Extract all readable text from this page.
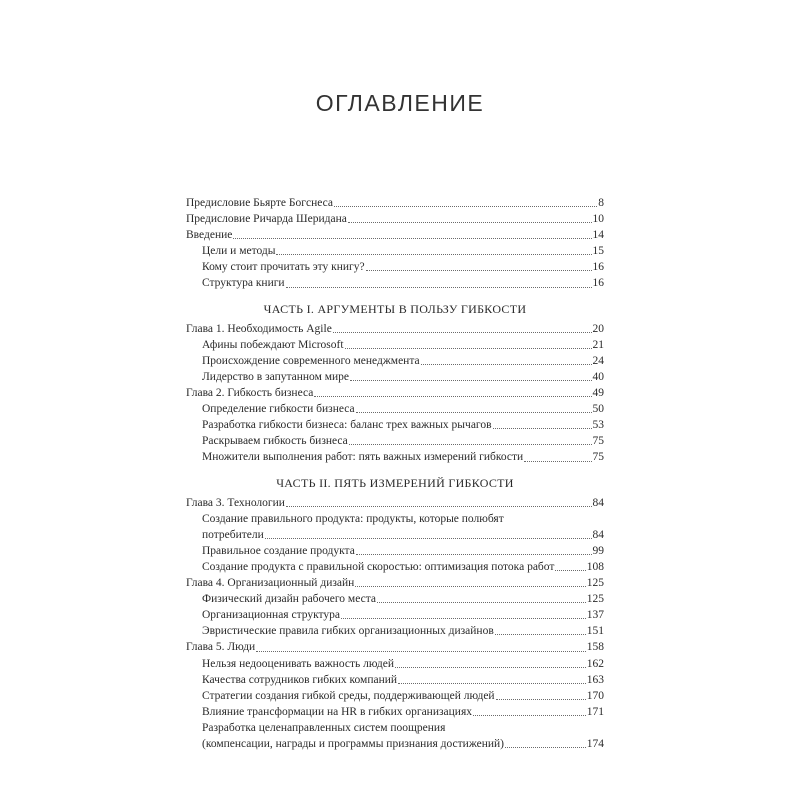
ОГЛАВЛЕНИЕ
Предисловие Бьярте Богснеса	8
Предисловие Ричарда Шеридана	10
Введение	14
Цели и методы	15
Кому стоит прочитать эту книгу?	16
Структура книги	16
ЧАСТЬ I. АРГУМЕНТЫ В ПОЛЬЗУ ГИБКОСТИ
Глава 1. Необходимость Agile	20
Афины побеждают Microsoft	21
Происхождение современного менеджмента	24
Лидерство в запутанном мире	40
Глава 2. Гибкость бизнеса	49
Определение гибкости бизнеса	50
Разработка гибкости бизнеса: баланс трех важных рычагов	53
Раскрываем гибкость бизнеса	75
Множители выполнения работ: пять важных измерений гибкости	75
ЧАСТЬ II. ПЯТЬ ИЗМЕРЕНИЙ ГИБКОСТИ
Глава 3. Технологии	84
Создание правильного продукта: продукты, которые полюбят
потребители	84
Правильное создание продукта	99
Создание продукта с правильной скоростью: оптимизация потока работ	108
Глава 4. Организационный дизайн	125
Физический дизайн рабочего места	125
Организационная структура	137
Эвристические правила гибких организационных дизайнов	151
Глава 5. Люди	158
Нельзя недооценивать важность людей	162
Качества сотрудников гибких компаний	163
Стратегии создания гибкой среды, поддерживающей людей	170
Влияние трансформации на HR в гибких организациях	171
Разработка целенаправленных систем поощрения
(компенсации, награды и программы признания достижений)	174
